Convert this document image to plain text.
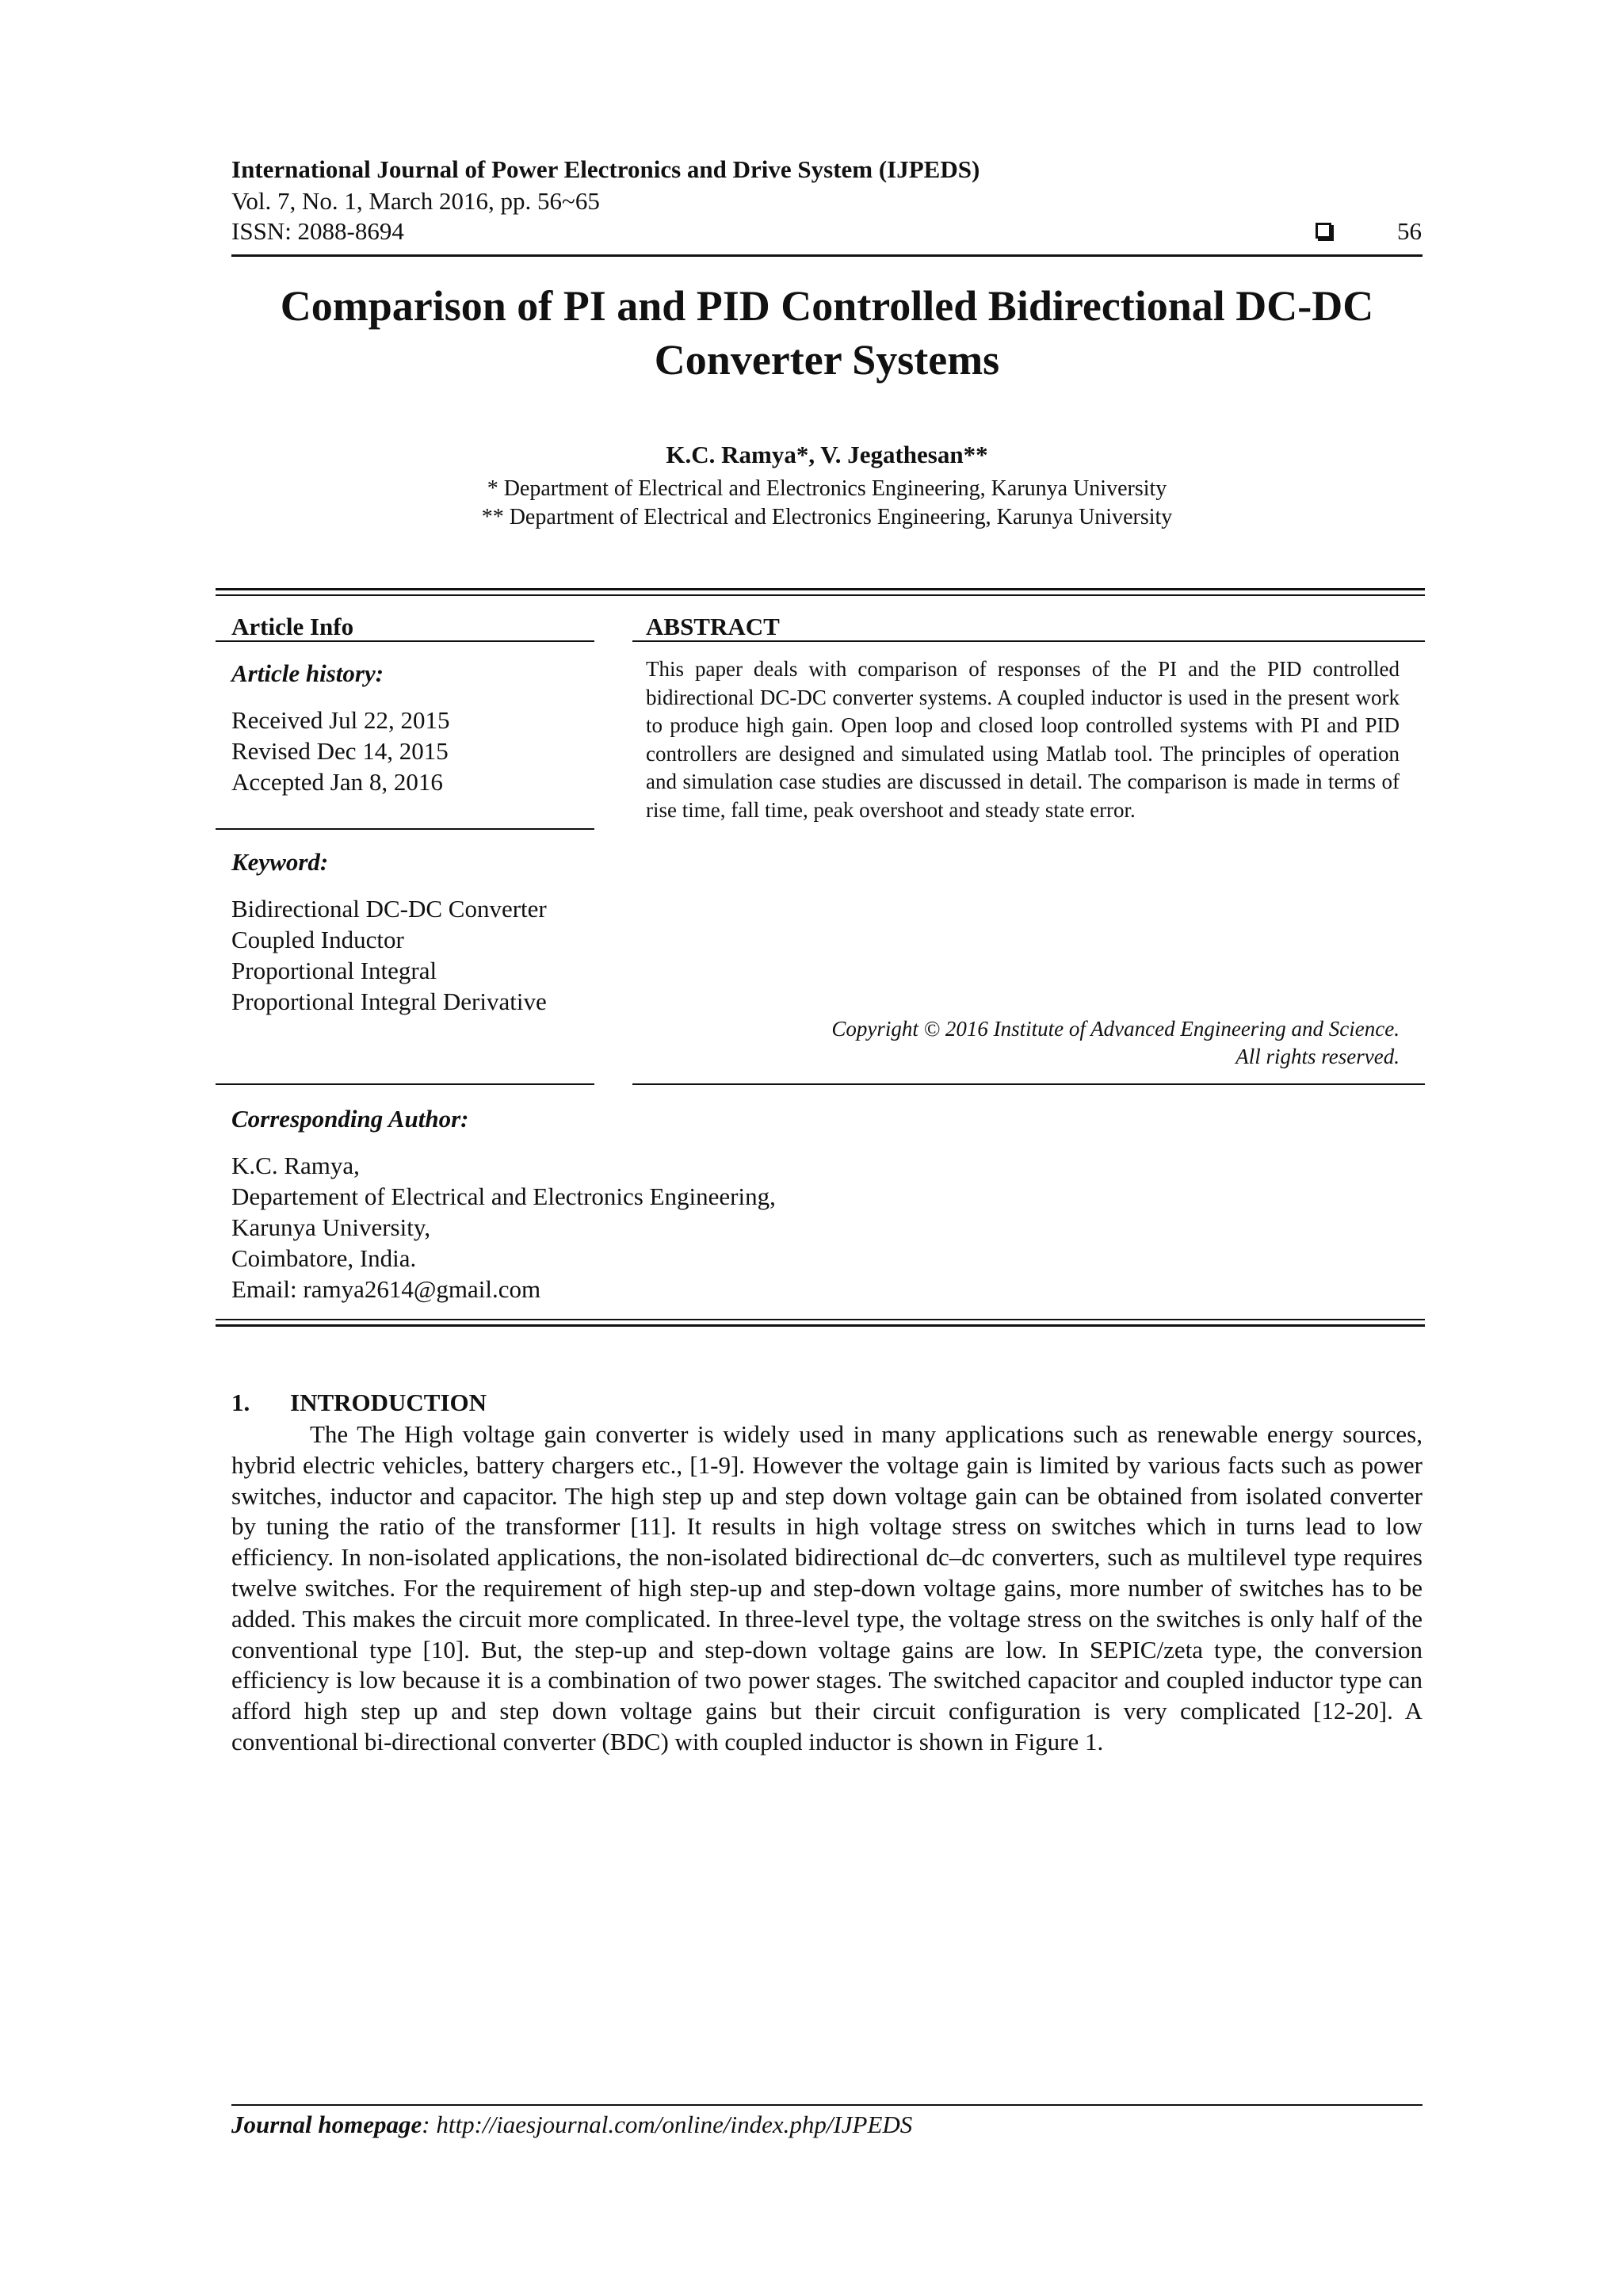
International Journal of Power Electronics and Drive System (IJPEDS)
Vol. 7, No. 1, March 2016, pp. 56~65
ISSN: 2088-8694	56
Comparison of PI and PID Controlled Bidirectional DC-DC
Converter Systems
K.C. Ramya*, V. Jegathesan**
* Department of Electrical and Electronics Engineering, Karunya University
** Department of Electrical and Electronics Engineering, Karunya University
Article Info
Article history:
Received Jul 22, 2015
Revised Dec 14, 2015
Accepted Jan 8, 2016
Keyword:
Bidirectional DC-DC Converter
Coupled Inductor
Proportional Integral
Proportional Integral Derivative
ABSTRACT
This paper deals with comparison of responses of the PI and the PID controlled bidirectional DC-DC converter systems. A coupled inductor is used in the present work to produce high gain. Open loop and closed loop controlled systems with PI and PID controllers are designed and simulated using Matlab tool. The principles of operation and simulation case studies are discussed in detail. The comparison is made in terms of rise time, fall time, peak overshoot and steady state error.
Copyright © 2016 Institute of Advanced Engineering and Science.
All rights reserved.
Corresponding Author:
K.C. Ramya,
Departement of Electrical and Electronics Engineering,
Karunya University,
Coimbatore, India.
Email: ramya2614@gmail.com
1. INTRODUCTION
The The High voltage gain converter is widely used in many applications such as renewable energy sources, hybrid electric vehicles, battery chargers etc., [1-9]. However the voltage gain is limited by various facts such as power switches, inductor and capacitor. The high step up and step down voltage gain can be obtained from isolated converter by tuning the ratio of the transformer [11]. It results in high voltage stress on switches which in turns lead to low efficiency. In non-isolated applications, the non-isolated bidirectional dc–dc converters, such as multilevel type requires twelve switches. For the requirement of high step-up and step-down voltage gains, more number of switches has to be added. This makes the circuit more complicated. In three-level type, the voltage stress on the switches is only half of the conventional type [10]. But, the step-up and step-down voltage gains are low. In SEPIC/zeta type, the conversion efficiency is low because it is a combination of two power stages. The switched capacitor and coupled inductor type can afford high step up and step down voltage gains but their circuit configuration is very complicated [12-20]. A conventional bi-directional converter (BDC) with coupled inductor is shown in Figure 1.
Journal homepage: http://iaesjournal.com/online/index.php/IJPEDS
